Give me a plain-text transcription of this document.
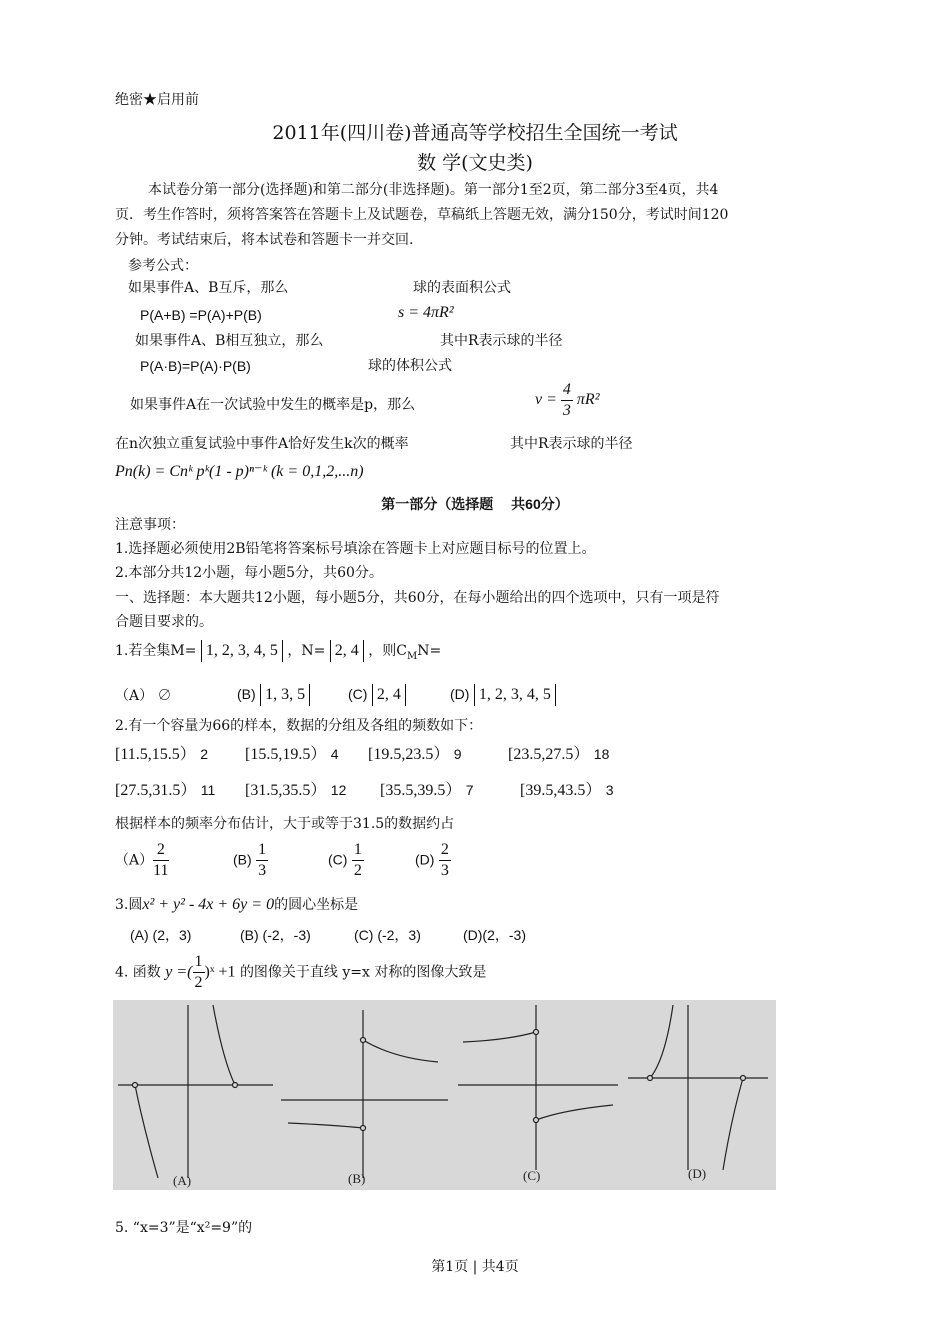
绝密★启用前
2011年(四川卷)普通高等学校招生全国统一考试
数 学(文史类)
本试卷分第一部分(选择题)和第二部分(非选择题)。第一部分1至2页，第二部分3至4页，共4
页．考生作答时，须将答案答在答题卡上及试题卷，草稿纸上答题无效，满分150分，考试时间120
分钟。考试结束后，将本试卷和答题卡一并交回.
参考公式：
如果事件A、B互斥，那么	球的表面积公式
P(A+B) =P(A)+P(B)	s = 4πR²
如果事件A、B相互独立，那么	其中R表示球的半径
P(A·B)=P(A)·P(B)	球的体积公式
如果事件A在一次试验中发生的概率是p，那么	$v = \frac{4}{3} \pi R^2$
在n次独立重复试验中事件A恰好发生k次的概率	其中R表示球的半径
Pn(k) = Cnᵏ pᵏ(1 - p)ⁿ⁻ᵏ (k = 0,1,2,...n)
第一部分（选择题　 共60分）
注意事项：
1.选择题必须使用2B铅笔将答案标号填涂在答题卡上对应题目标号的位置上。
2.本部分共12小题，每小题5分，共60分。
一、选择题：本大题共12小题，每小题5分，共60分，在每小题给出的四个选项中，只有一项是符
合题目要求的。
1.若全集M= 1, 2, 3, 4, 5 ，N= 2, 4 ，则$C_MN=$
（A） ∅	(B) 1, 3, 5	(C) 2, 4	(D) 1, 2, 3, 4, 5
2.有一个容量为66的样本，数据的分组及各组的频数如下：
[11.5,15.5） 2 [15.5,19.5） 4 [19.5,23.5） 9	[23.5,27.5） 18
[27.5,31.5） 11 [31.5,35.5） 12 [35.5,39.5） 7	[39.5,43.5） 3
根据样本的频率分布估计，大于或等于31.5的数据约占
$(A) \frac{2}{11}$	$(B) \frac{1}{3}$	$(C) \frac{1}{2}$	$(D) \frac{2}{3}$
3.圆x² + y² - 4x + 6y = 0的圆心坐标是
(A) (2，3)	(B) (-2，-3)	(C) (-2，3)	(D)(2，-3)
4. 函数 y =( $\frac{1}{2}$ )ˣ +1 的图像关于直线 y=x 对称的图像大致是
(A)	(B)	(C)	(D)
5. “x=3”是“x²=9”的
第1页 | 共4页
